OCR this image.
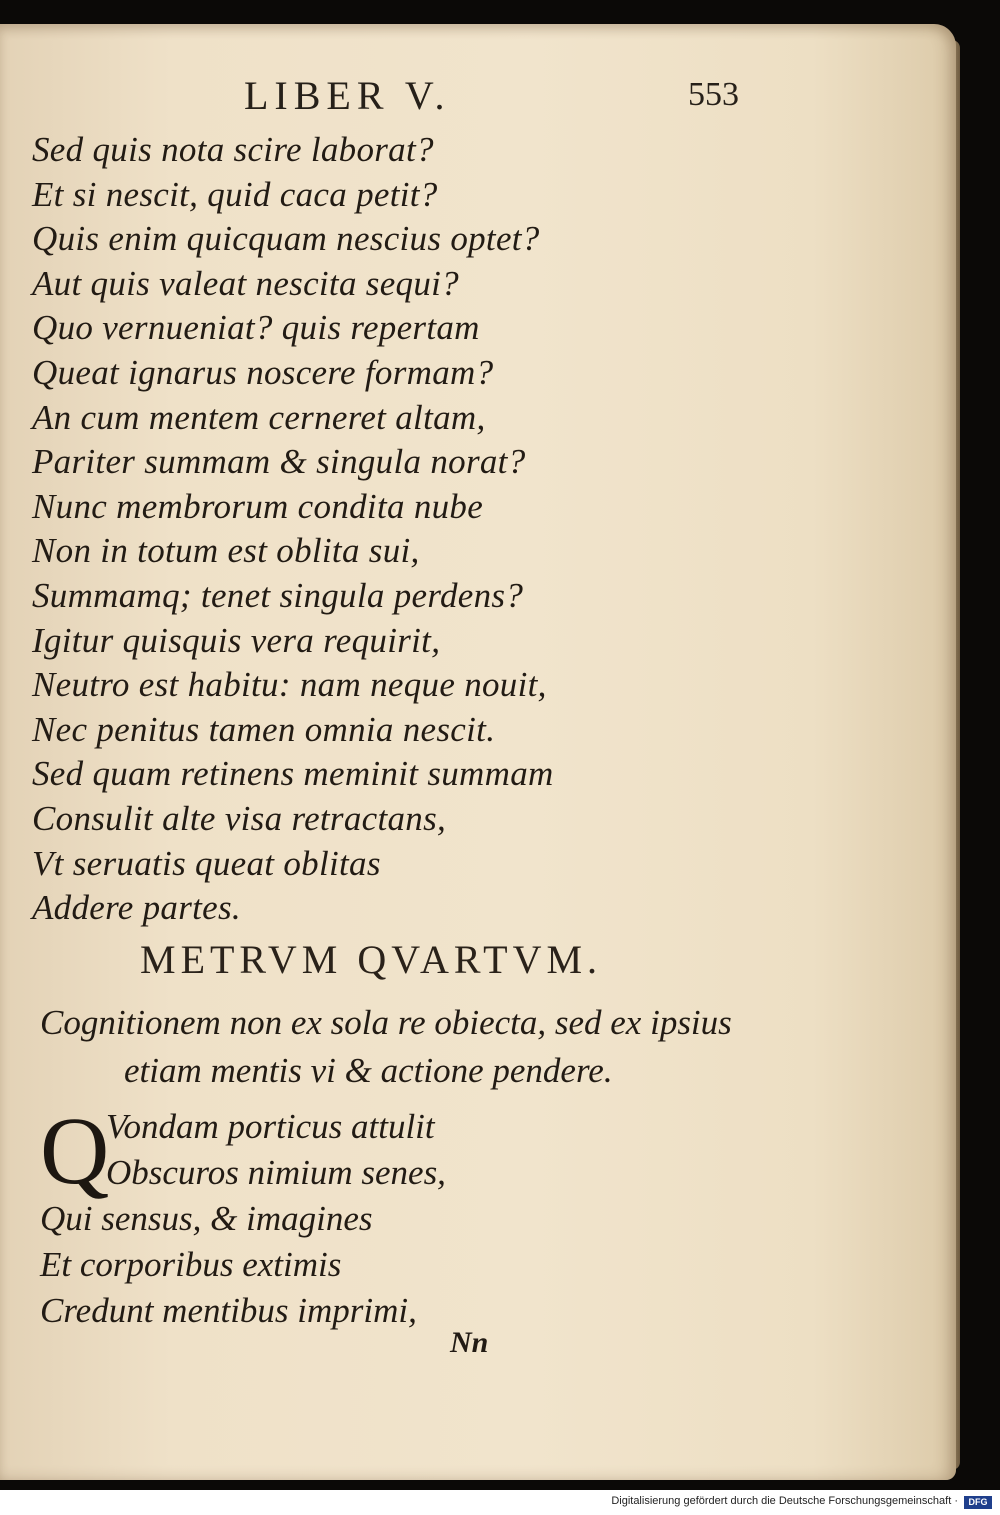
LIBER V.	553
Sed quis nota scire laborat?
Et si nescit, quid caca petit?
Quis enim quicquam nescius optet?
Aut quis valeat nescita sequi?
Quo vernueniat? quis repertam
Queat ignarus noscere formam?
An cum mentem cerneret altam,
Pariter summam & singula norat?
Nunc membrorum condita nube
Non in totum est oblita sui,
Summamq; tenet singula perdens?
Igitur quisquis vera requirit,
Neutro est habitu: nam neque nouit,
Nec penitus tamen omnia nescit.
Sed quam retinens meminit summam
Consulit alte visa retractans,
Vt seruatis queat oblitas
Addere partes.
METRVM QVARTVM.
Cognitionem non ex sola re obiecta, sed ex ipsius
etiam mentis vi & actione pendere.
Q
Vondam porticus attulit
Obscuros nimium senes,
Qui sensus, & imagines
Et corporibus extimis
Credunt mentibus imprimi,
Nn
Digitalisierung gefördert durch die Deutsche Forschungsgemeinschaft ·	DFG
